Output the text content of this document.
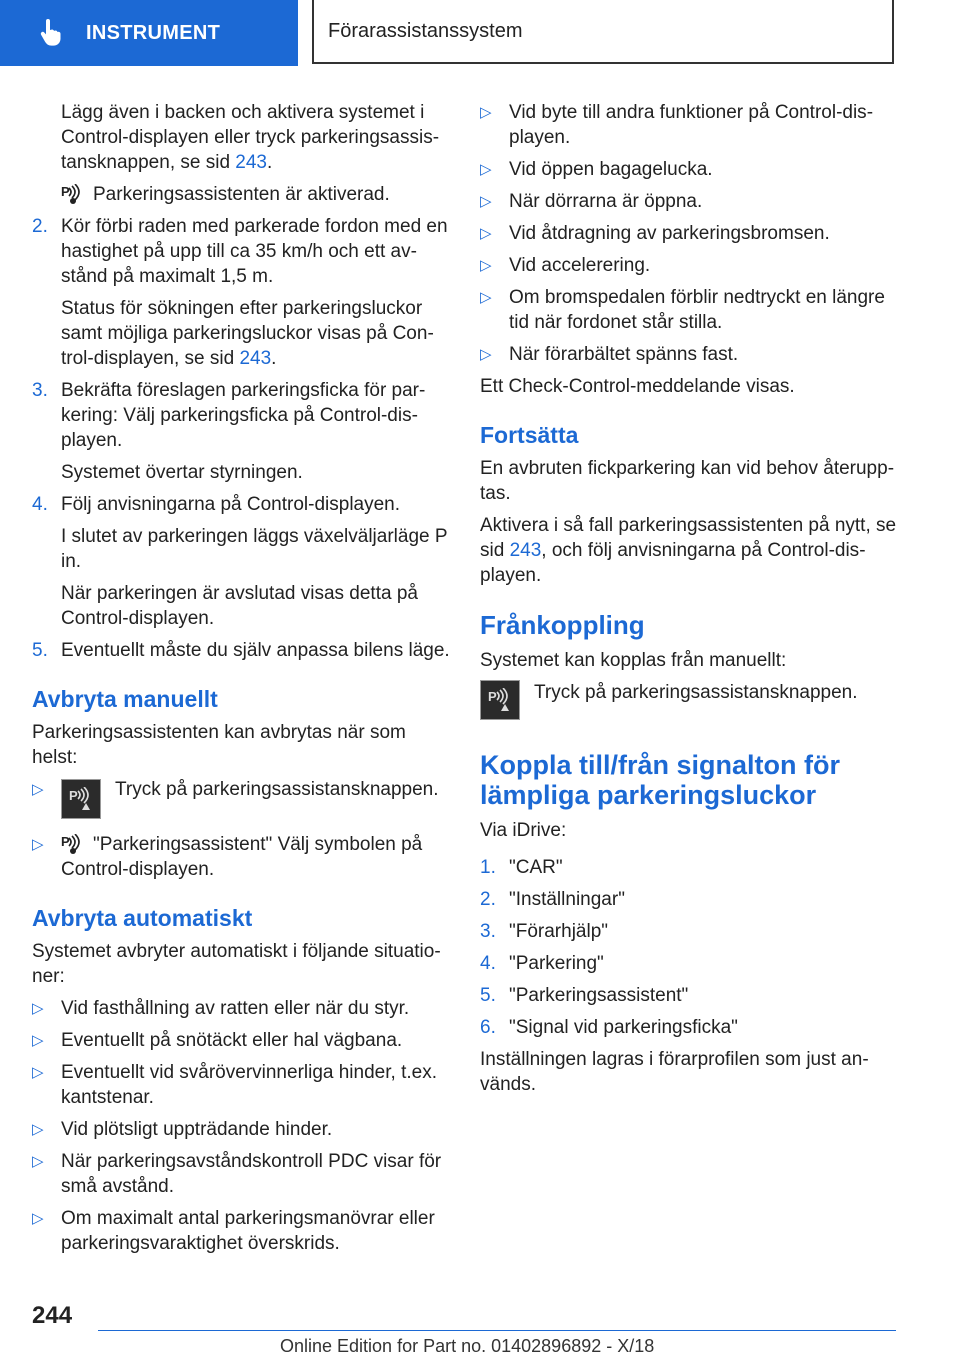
INSTRUMENT	Förarassistanssystem

Lägg även i backen och aktivera systemet i Control-displayen eller tryck parkeringsassistansknappen, se sid 243.

P Parkeringsassistenten är aktiverad.

2. Kör förbi raden med parkerade fordon med en hastighet på upp till ca 35 km/h och ett avstånd på maximalt 1,5 m.

Status för sökningen efter parkeringsluckor samt möjliga parkeringsluckor visas på Control-displayen, se sid 243.

3. Bekräfta föreslagen parkeringsficka för parkering: Välj parkeringsficka på Control-displayen.

Systemet övertar styrningen.

4. Följ anvisningarna på Control-displayen.

I slutet av parkeringen läggs växelväljarläge P in.

När parkeringen är avslutad visas detta på Control-displayen.

5. Eventuellt måste du själv anpassa bilens läge.
Avbryta manuellt

Parkeringsassistenten kan avbrytas när som helst:

▷	P Tryck på parkeringsassistansknappen.
▷	P "Parkeringsassistent" Välj symbolen på Control-displayen.
Avbryta automatiskt

Systemet avbryter automatiskt i följande situationer:

▷ Vid fasthållning av ratten eller när du styr.
▷ Eventuellt på snötäckt eller hal vägbana.
▷ Eventuellt vid svårövervinnerliga hinder, t.ex. kantstenar.
▷ Vid plötsligt uppträdande hinder.
▷ När parkeringsavståndskontroll PDC visar för små avstånd.
▷ Om maximalt antal parkeringsmanövrar eller parkeringsvaraktighet överskrids.
▷ Vid byte till andra funktioner på Control-displayen.
▷ Vid öppen bagagelucka.
▷ När dörrarna är öppna.
▷ Vid åtdragning av parkeringsbromsen.
▷ Vid accelerering.
▷ Om bromspedalen förblir nedtryckt en längre tid när fordonet står stilla.
▷ När förarbältet spänns fast.

Ett Check-Control-meddelande visas.

Fortsätta

En avbruten fickparkering kan vid behov återupptas.

Aktivera i så fall parkeringsassistenten på nytt, se sid 243, och följ anvisningarna på Control-displayen.

Frånkoppling

Systemet kan kopplas från manuellt:

P Tryck på parkeringsassistansknappen.
Koppla till/från signalton för lämpliga parkeringsluckor

Via iDrive:

1. "CAR"
2. "Inställningar"
3. "Förarhjälp"
4. "Parkering"
5. "Parkeringsassistent"
6. "Signal vid parkeringsficka"

Inställningen lagras i förarprofilen som just används.

244
Online Edition for Part no. 01402896892 - X/18
